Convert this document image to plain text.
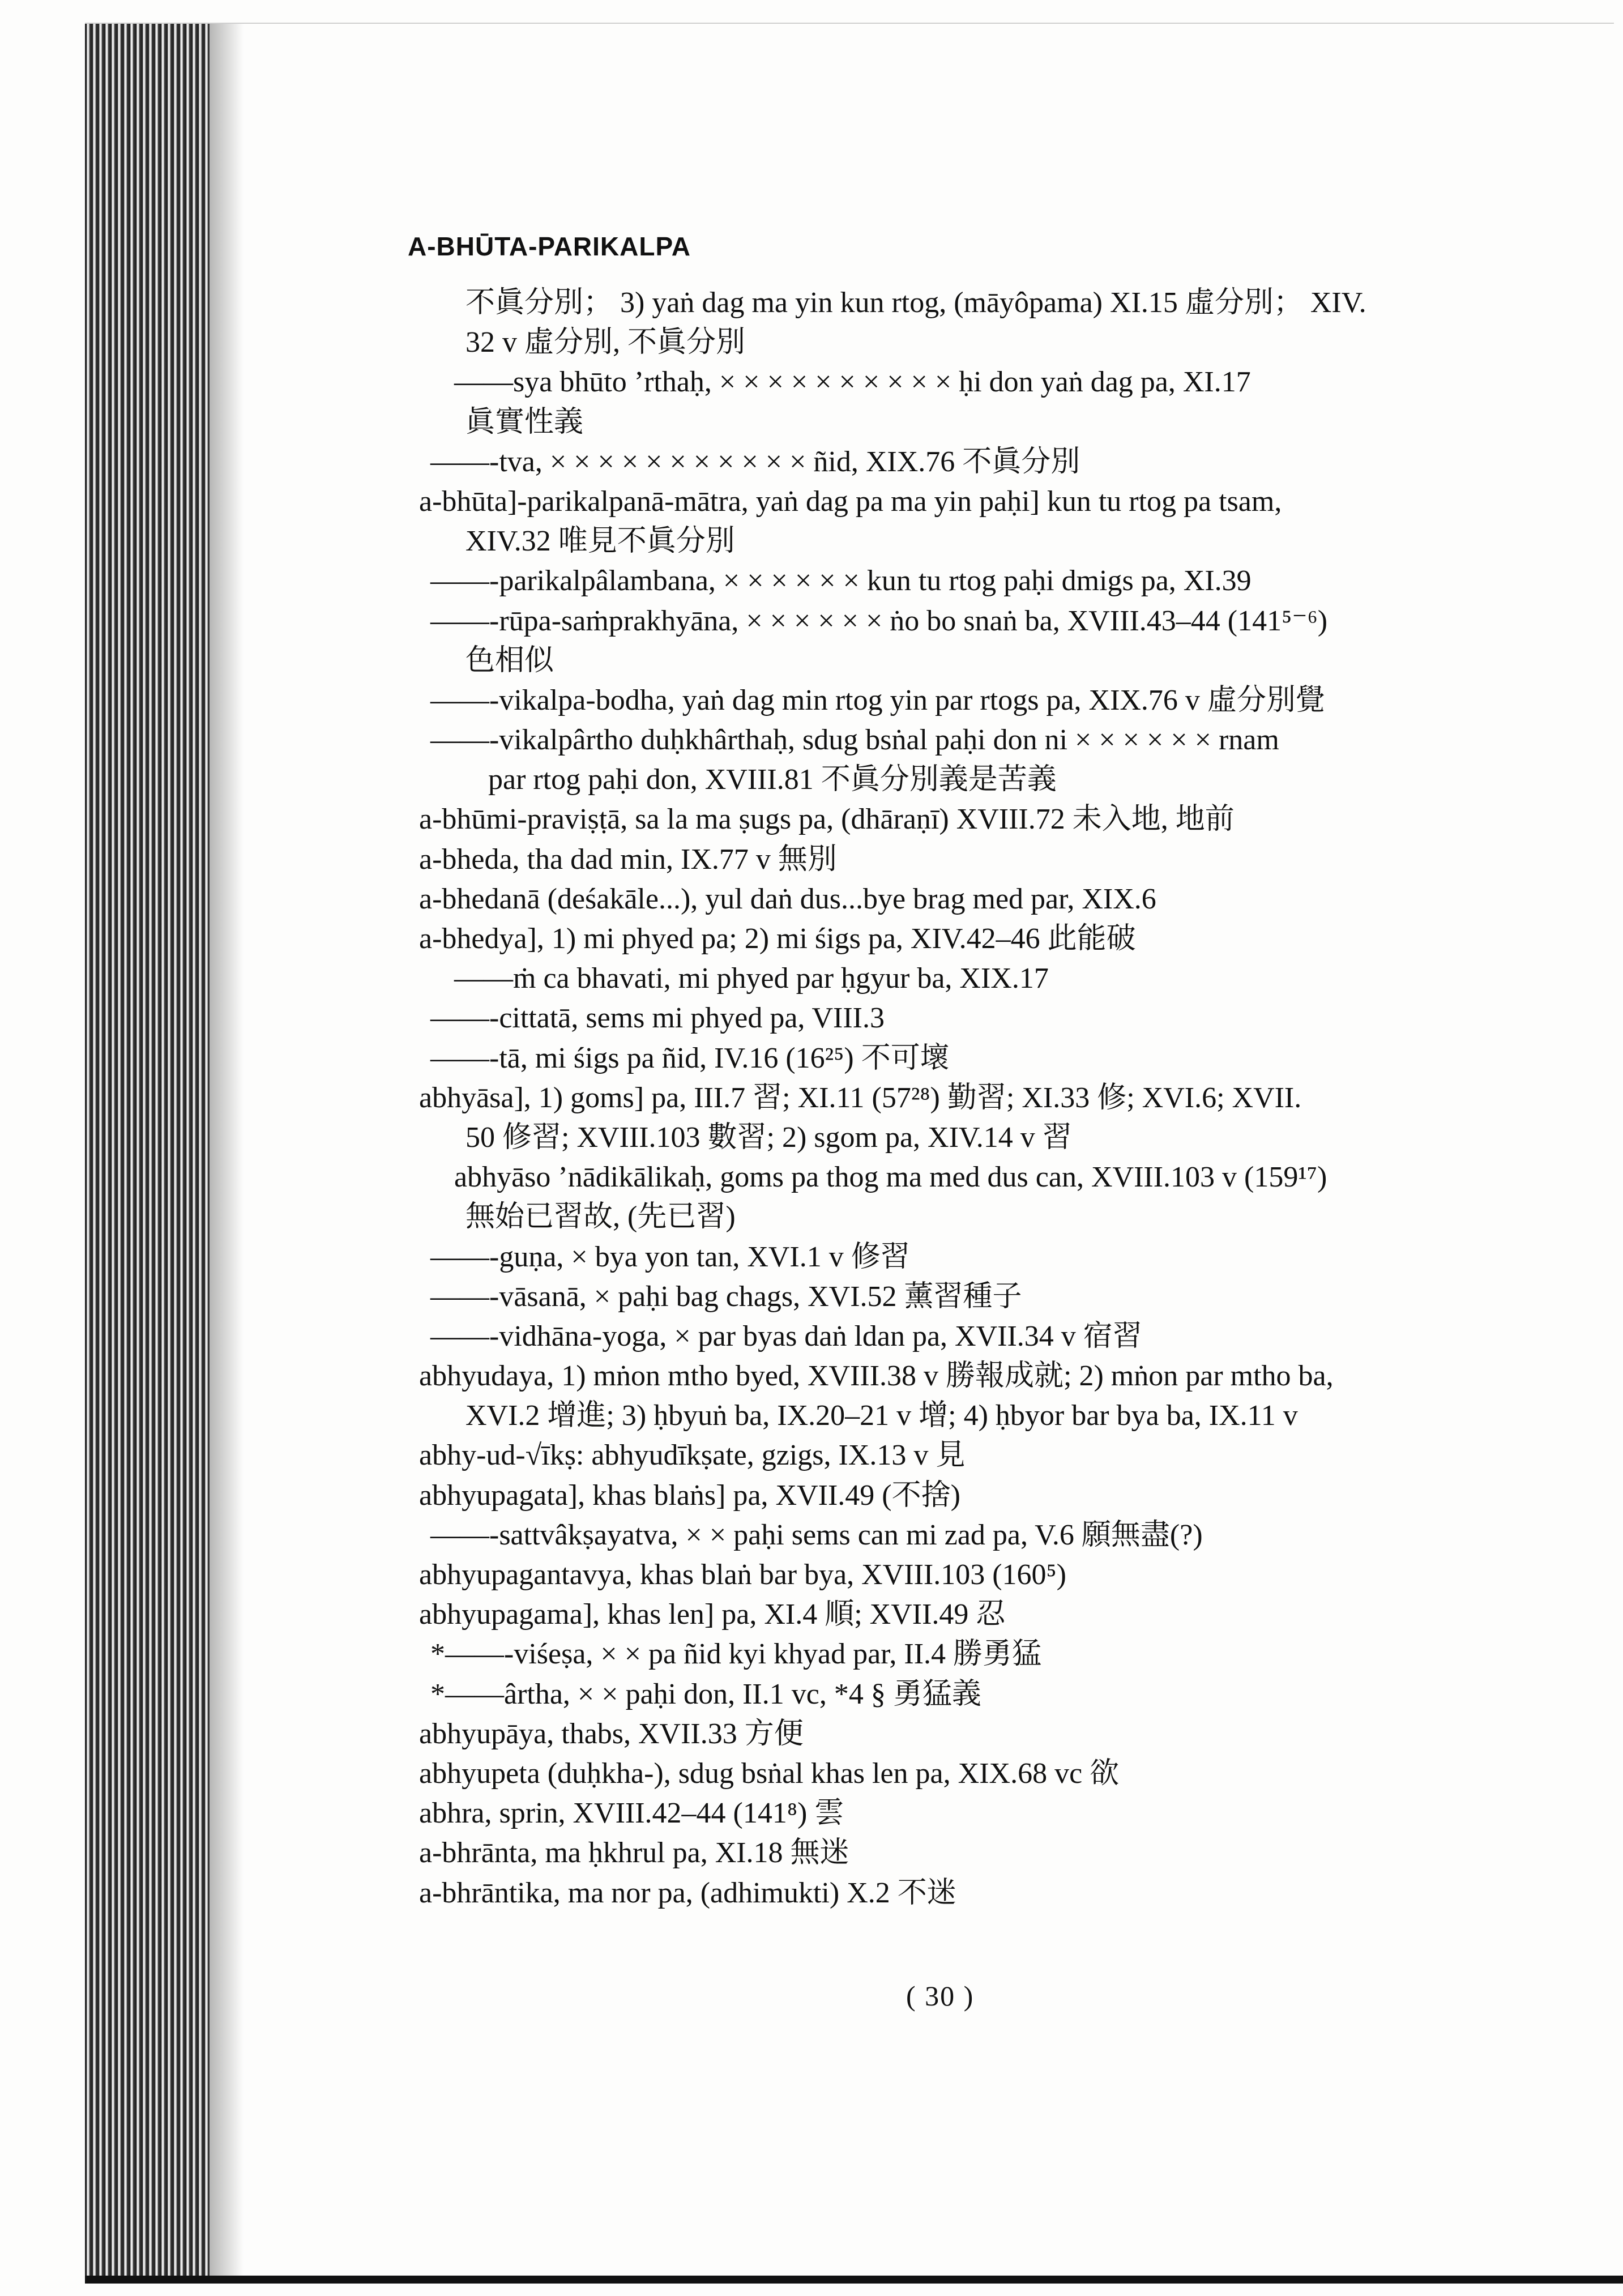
A-BHŪTA-PARIKALPA
不眞分別； 3) yaṅ dag ma yin kun rtog, (māyôpama) XI.15 虛分別； XIV.
32 v 虛分別, 不眞分別
——sya bhūto ’rthaḥ, × × × × × × × × × × ḥi don yaṅ dag pa, XI.17
眞實性義
——-tva, × × × × × × × × × × × ñid, XIX.76 不眞分別
a-bhūta]-parikalpanā-mātra, yaṅ dag pa ma yin paḥi] kun tu rtog pa tsam,
XIV.32 唯見不眞分別
——-parikalpâlambana, × × × × × × kun tu rtog paḥi dmigs pa, XI.39
——-rūpa-saṁprakhyāna, × × × × × × ṅo bo snaṅ ba, XVIII.43–44 (141⁵⁻⁶)
色相似
——-vikalpa-bodha, yaṅ dag min rtog yin par rtogs pa, XIX.76 v 虛分別覺
——-vikalpârtho duḥkhârthaḥ, sdug bsṅal paḥi don ni × × × × × × rnam
par rtog paḥi don, XVIII.81 不眞分別義是苦義
a-bhūmi-praviṣṭā, sa la ma ṣugs pa, (dhāraṇī) XVIII.72 未入地, 地前
a-bheda, tha dad min, IX.77 v 無別
a-bhedanā (deśakāle...), yul daṅ dus...bye brag med par, XIX.6
a-bhedya], 1) mi phyed pa; 2) mi śigs pa, XIV.42–46 此能破
——ṁ ca bhavati, mi phyed par ḥgyur ba, XIX.17
——-cittatā, sems mi phyed pa, VIII.3
——-tā, mi śigs pa ñid, IV.16 (16²⁵) 不可壞
abhyāsa], 1) goms] pa, III.7 習; XI.11 (57²⁸) 勤習; XI.33 修; XVI.6; XVII.
50 修習; XVIII.103 數習; 2) sgom pa, XIV.14 v 習
abhyāso ’nādikālikaḥ, goms pa thog ma med dus can, XVIII.103 v (159¹⁷)
無始已習故, (先已習)
——-guṇa, × bya yon tan, XVI.1 v 修習
——-vāsanā, × paḥi bag chags, XVI.52 薰習種子
——-vidhāna-yoga, × par byas daṅ ldan pa, XVII.34 v 宿習
abhyudaya, 1) mṅon mtho byed, XVIII.38 v 勝報成就; 2) mṅon par mtho ba,
XVI.2 增進; 3) ḥbyuṅ ba, IX.20–21 v 增; 4) ḥbyor bar bya ba, IX.11 v
abhy-ud-√īkṣ: abhyudīkṣate, gzigs, IX.13 v 見
abhyupagata], khas blaṅs] pa, XVII.49 (不捨)
——-sattvâkṣayatva, × × paḥi sems can mi zad pa, V.6 願無盡(?)
abhyupagantavya, khas blaṅ bar bya, XVIII.103 (160⁵)
abhyupagama], khas len] pa, XI.4 順; XVII.49 忍
*——-viśeṣa, × × pa ñid kyi khyad par, II.4 勝勇猛
*——ârtha, × × paḥi don, II.1 vc, *4 § 勇猛義
abhyupāya, thabs, XVII.33 方便
abhyupeta (duḥkha-), sdug bsṅal khas len pa, XIX.68 vc 欲
abhra, sprin, XVIII.42–44 (141⁸) 雲
a-bhrānta, ma ḥkhrul pa, XI.18 無迷
a-bhrāntika, ma nor pa, (adhimukti) X.2 不迷
( 30 )
